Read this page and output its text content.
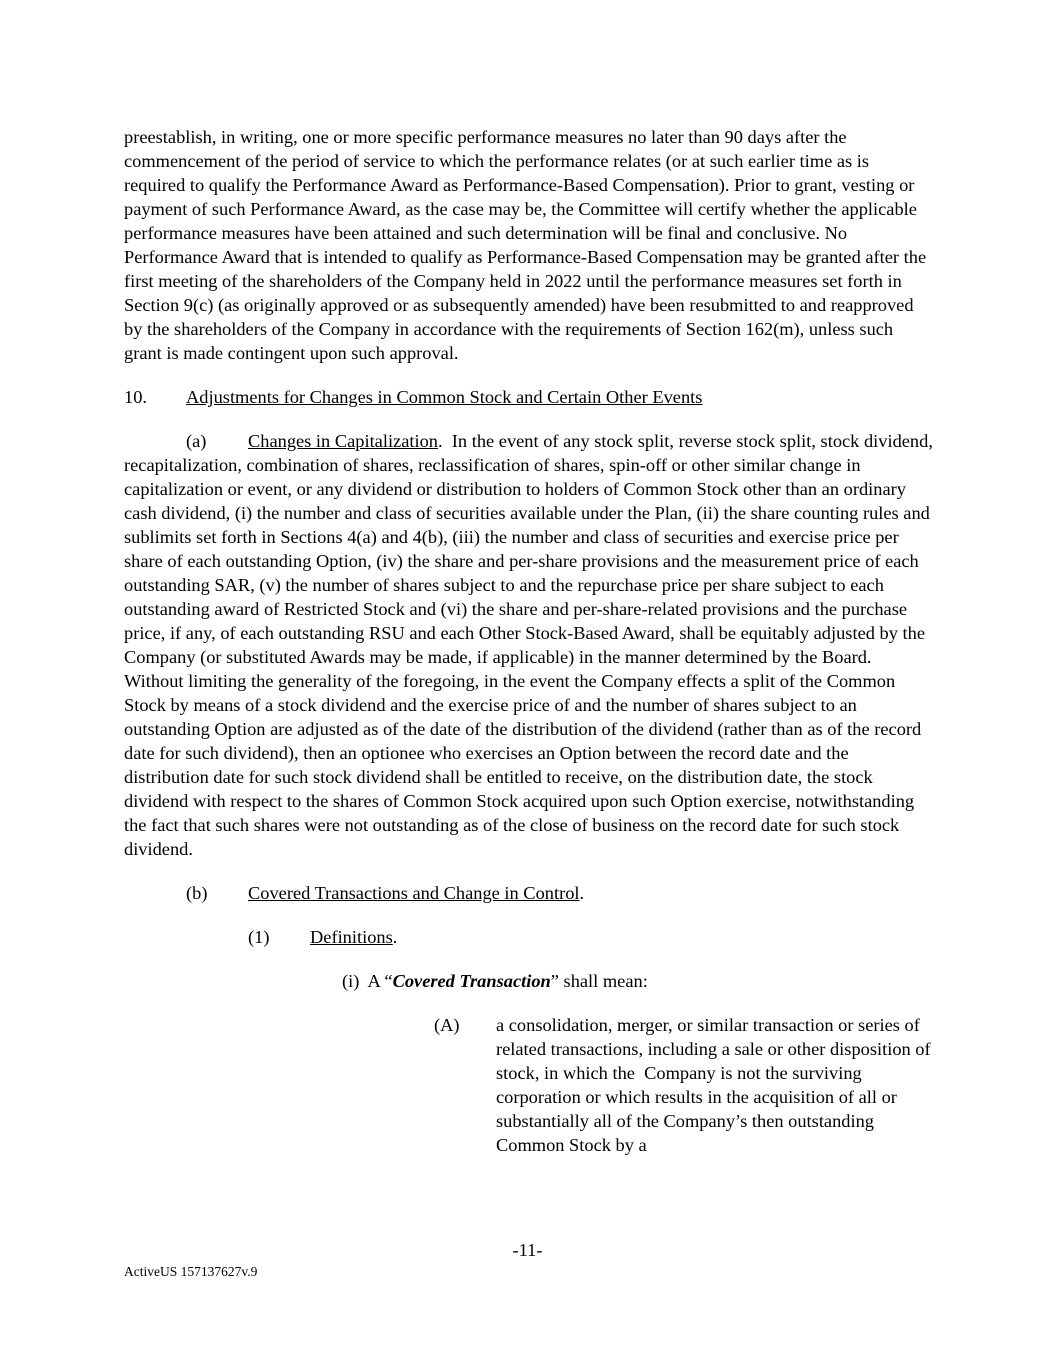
preestablish, in writing, one or more specific performance measures no later than 90 days after the commencement of the period of service to which the performance relates (or at such earlier time as is required to qualify the Performance Award as Performance-Based Compensation). Prior to grant, vesting or payment of such Performance Award, as the case may be, the Committee will certify whether the applicable performance measures have been attained and such determination will be final and conclusive. No Performance Award that is intended to qualify as Performance-Based Compensation may be granted after the first meeting of the shareholders of the Company held in 2022 until the performance measures set forth in Section 9(c) (as originally approved or as subsequently amended) have been resubmitted to and reapproved by the shareholders of the Company in accordance with the requirements of Section 162(m), unless such grant is made contingent upon such approval.

10. Adjustments for Changes in Common Stock and Certain Other Events

(a) Changes in Capitalization.  In the event of any stock split, reverse stock split, stock dividend, recapitalization, combination of shares, reclassification of shares, spin-off or other similar change in capitalization or event, or any dividend or distribution to holders of Common Stock other than an ordinary cash dividend, (i) the number and class of securities available under the Plan, (ii) the share counting rules and sublimits set forth in Sections 4(a) and 4(b), (iii) the number and class of securities and exercise price per share of each outstanding Option, (iv) the share and per-share provisions and the measurement price of each outstanding SAR, (v) the number of shares subject to and the repurchase price per share subject to each outstanding award of Restricted Stock and (vi) the share and per-share-related provisions and the purchase price, if any, of each outstanding RSU and each Other Stock-Based Award, shall be equitably adjusted by the Company (or substituted Awards may be made, if applicable) in the manner determined by the Board.  Without limiting the generality of the foregoing, in the event the Company effects a split of the Common Stock by means of a stock dividend and the exercise price of and the number of shares subject to an outstanding Option are adjusted as of the date of the distribution of the dividend (rather than as of the record date for such dividend), then an optionee who exercises an Option between the record date and the distribution date for such stock dividend shall be entitled to receive, on the distribution date, the stock dividend with respect to the shares of Common Stock acquired upon such Option exercise, notwithstanding the fact that such shares were not outstanding as of the close of business on the record date for such stock dividend.

(b) Covered Transactions and Change in Control.

(1) Definitions.

(i)  A “Covered Transaction” shall mean:

(A) a consolidation, merger, or similar transaction or series of related transactions, including a sale or other disposition of stock, in which the  Company is not the surviving corporation or which results in the acquisition of all or  substantially all of the Company’s then outstanding Common Stock by a

-11-
ActiveUS 157137627v.9
